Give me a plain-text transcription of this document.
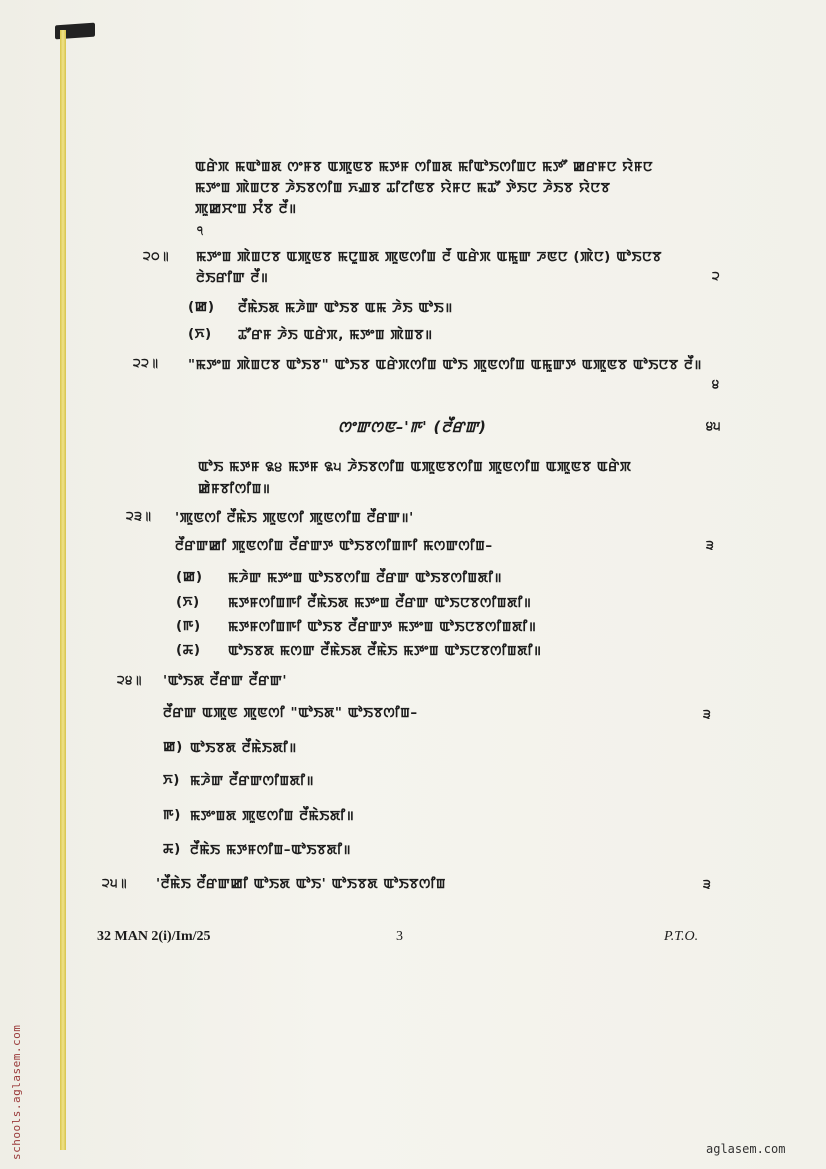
ꯑꯔꯥꯞ ꯃꯑꯣꯡꯗ ꯁꯦꯝꯕ ꯑꯄꯨꯟꯕ ꯃꯇꯝ ꯁꯤꯡꯗ ꯃꯤꯑꯣꯏꯁꯤꯡꯅ ꯃꯇꯧ ꯀꯔꯝꯅ ꯌꯥꯝꯅ
ꯃꯇꯦꯡ ꯄꯥꯡꯅꯕ ꯍꯥꯏꯕꯁꯤꯡ ꯈꯉꯕ ꯊꯤꯖꯤꯟꯕ ꯌꯥꯝꯅ ꯃꯊꯧ ꯇꯥꯏꯅ ꯍꯥꯏꯕ ꯌꯥꯅꯕ
ꯄꯨꯀꯆꯦꯡ ꯆꯪꯕ ꯂꯩ॥
੧
੨੦॥ ꯃꯇꯦꯡ ꯄꯥꯡꯅꯕ ꯑꯄꯨꯟꯕ ꯃꯅꯨꯡꯗ ꯄꯨꯟꯁꯤꯡ ꯂꯩ ꯑꯔꯥꯞ ꯑꯃꯨꯛ ꯍꯟꯅ (ꯄꯥꯅ) ꯑꯣꯏꯅꯕ
ꯂꯥꯏꯔꯤꯛ ꯂꯩ॥	੨
(ꯀ) ꯂꯩꯃꯥꯏꯗ ꯃꯍꯥꯛ ꯑꯣꯏꯕ ꯑꯃ ꯍꯥꯏ ꯑꯣꯏ॥
(ꯈ) ꯊꯧꯔꯝ ꯍꯥꯏ ꯑꯔꯥꯞ, ꯃꯇꯦꯡ ꯄꯥꯡꯕ॥
੨੨॥ "ꯃꯇꯦꯡ ꯄꯥꯡꯅꯕ ꯑꯣꯏꯕ" ꯑꯣꯏꯕ ꯑꯔꯥꯞꯁꯤꯡ ꯑꯣꯏ ꯄꯨꯟꯁꯤꯡ ꯑꯃꯨꯛꯇ ꯑꯄꯨꯟꯕ ꯑꯣꯏꯅꯕ ꯂꯩ॥
੪
ꯁꯦꯛꯁꯟ–'ꯒ' (ꯂꯩꯔꯛ)	੪੫
ꯑꯣꯏ ꯃꯇꯝ ꯲੪ ꯃꯇꯝ ꯲੫ ꯍꯥꯏꯕꯁꯤꯡ ꯑꯄꯨꯟꯕꯁꯤꯡ ꯄꯨꯟꯁꯤꯡ ꯑꯄꯨꯟꯕ ꯑꯔꯥꯞ
ꯀꯥꯝꯕꯤꯁꯤꯡ॥
੨੩॥ 'ꯄꯨꯟꯁꯤ ꯂꯩꯃꯥꯏ ꯄꯨꯟꯁꯤ ꯄꯨꯟꯁꯤꯡ ꯂꯩꯔꯛ॥'
ꯂꯩꯔꯛꯀꯤ ꯄꯨꯟꯁꯤꯡ ꯂꯩꯔꯛꯇ ꯑꯣꯏꯕꯁꯤꯡꯒꯤ ꯃꯁꯛꯁꯤꯡ–	੩
(ꯀ) ꯃꯍꯥꯛ ꯃꯇꯦꯡ ꯑꯣꯏꯕꯁꯤꯡ ꯂꯩꯔꯛ ꯑꯣꯏꯕꯁꯤꯡꯗꯤ॥
(ꯈ) ꯃꯇꯝꯁꯤꯡꯒꯤ ꯂꯩꯃꯥꯏꯗ ꯃꯇꯦꯡ ꯂꯩꯔꯛ ꯑꯣꯏꯅꯕꯁꯤꯡꯗꯤ॥
(ꯒ) ꯃꯇꯝꯁꯤꯡꯒꯤ ꯑꯣꯏꯕ ꯂꯩꯔꯛꯇ ꯃꯇꯦꯡ ꯑꯣꯏꯅꯕꯁꯤꯡꯗꯤ॥
(ꯘ) ꯑꯣꯏꯕꯗ ꯃꯁꯛ ꯂꯩꯃꯥꯏꯗ ꯂꯩꯃꯥꯏ ꯃꯇꯦꯡ ꯑꯣꯏꯅꯕꯁꯤꯡꯗꯤ॥
੨੪॥ 'ꯑꯣꯏꯗ ꯂꯩꯔꯛ ꯂꯩꯔꯛ'
ꯂꯩꯔꯛ ꯑꯄꯨꯟ ꯄꯨꯟꯁꯤ "ꯑꯣꯏꯗ" ꯑꯣꯏꯕꯁꯤꯡ–	੩
ꯀ) ꯑꯣꯏꯕꯗ ꯂꯩꯃꯥꯏꯗꯤ॥
ꯈ) ꯃꯍꯥꯛ ꯂꯩꯔꯛꯁꯤꯡꯗꯤ॥
ꯒ) ꯃꯇꯦꯡꯗ ꯄꯨꯟꯁꯤꯡ ꯂꯩꯃꯥꯏꯗꯤ॥
ꯘ) ꯂꯩꯃꯥꯏ ꯃꯇꯝꯁꯤꯡ–ꯑꯣꯏꯕꯗꯤ॥
੨੫॥ 'ꯂꯩꯃꯥꯏ ꯂꯩꯔꯛꯀꯤ ꯑꯣꯏꯗ ꯑꯣꯏ' ꯑꯣꯏꯕꯗ ꯑꯣꯏꯕꯁꯤꯡ	੩
32 MAN 2(i)/Im/25	3	P.T.O.
schools.aglasem.com	aglasem.com
